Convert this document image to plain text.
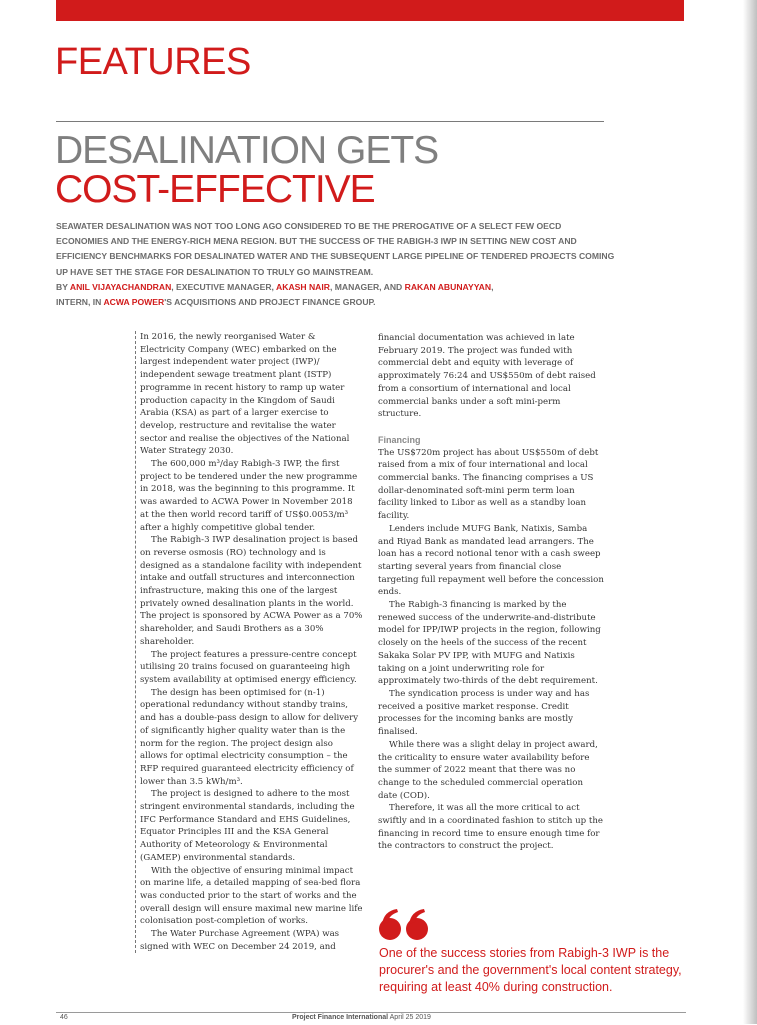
FEATURES
DESALINATION GETS
COST-EFFECTIVE

SEAWATER DESALINATION WAS NOT TOO LONG AGO CONSIDERED TO BE THE PREROGATIVE OF A SELECT FEW OECD ECONOMIES AND THE ENERGY-RICH MENA REGION. BUT THE SUCCESS OF THE RABIGH-3 IWP IN SETTING NEW COST AND EFFICIENCY BENCHMARKS FOR DESALINATED WATER AND THE SUBSEQUENT LARGE PIPELINE OF TENDERED PROJECTS COMING UP HAVE SET THE STAGE FOR DESALINATION TO TRULY GO MAINSTREAM.
BY ANIL VIJAYACHANDRAN, EXECUTIVE MANAGER, AKASH NAIR, MANAGER, AND RAKAN ABUNAYYAN,
INTERN, IN ACWA POWER'S ACQUISITIONS AND PROJECT FINANCE GROUP.

In 2016, the newly reorganised Water & Electricity Company (WEC) embarked on the largest independent water project (IWP)/ independent sewage treatment plant (ISTP) programme in recent history to ramp up water production capacity in the Kingdom of Saudi Arabia (KSA) as part of a larger exercise to develop, restructure and revitalise the water sector and realise the objectives of the National Water Strategy 2030.

The 600,000 m³/day Rabigh-3 IWP, the first project to be tendered under the new programme in 2018, was the beginning to this programme. It was awarded to ACWA Power in November 2018 at the then world record tariff of US$0.0053/m³ after a highly competitive global tender.

The Rabigh-3 IWP desalination project is based on reverse osmosis (RO) technology and is designed as a standalone facility with independent intake and outfall structures and interconnection infrastructure, making this one of the largest privately owned desalination plants in the world. The project is sponsored by ACWA Power as a 70% shareholder, and Saudi Brothers as a 30% shareholder.

The project features a pressure-centre concept utilising 20 trains focused on guaranteeing high system availability at optimised energy efficiency.

The design has been optimised for (n-1) operational redundancy without standby trains, and has a double-pass design to allow for delivery of significantly higher quality water than is the norm for the region. The project design also allows for optimal electricity consumption – the RFP required guaranteed electricity efficiency of lower than 3.5 kWh/m³.

The project is designed to adhere to the most stringent environmental standards, including the IFC Performance Standard and EHS Guidelines, Equator Principles III and the KSA General Authority of Meteorology & Environmental (GAMEP) environmental standards.

With the objective of ensuring minimal impact on marine life, a detailed mapping of sea-bed flora was conducted prior to the start of works and the overall design will ensure maximal new marine life colonisation post-completion of works.

The Water Purchase Agreement (WPA) was signed with WEC on December 24 2019, and

financial documentation was achieved in late February 2019. The project was funded with commercial debt and equity with leverage of approximately 76:24 and US$550m of debt raised from a consortium of international and local commercial banks under a soft mini-perm structure.

Financing

The US$720m project has about US$550m of debt raised from a mix of four international and local commercial banks. The financing comprises a US dollar-denominated soft-mini perm term loan facility linked to Libor as well as a standby loan facility.

Lenders include MUFG Bank, Natixis, Samba and Riyad Bank as mandated lead arrangers. The loan has a record notional tenor with a cash sweep starting several years from financial close targeting full repayment well before the concession ends.

The Rabigh-3 financing is marked by the renewed success of the underwrite-and-distribute model for IPP/IWP projects in the region, following closely on the heels of the success of the recent Sakaka Solar PV IPP, with MUFG and Natixis taking on a joint underwriting role for approximately two-thirds of the debt requirement.

The syndication process is under way and has received a positive market response. Credit processes for the incoming banks are mostly finalised.

While there was a slight delay in project award, the criticality to ensure water availability before the summer of 2022 meant that there was no change to the scheduled commercial operation date (COD).

Therefore, it was all the more critical to act swiftly and in a coordinated fashion to stitch up the financing in record time to ensure enough time for the contractors to construct the project.

One of the success stories from Rabigh-3 IWP is the procurer's and the government's local content strategy, requiring at least 40% during construction.

46	Project Finance International April 25 2019
